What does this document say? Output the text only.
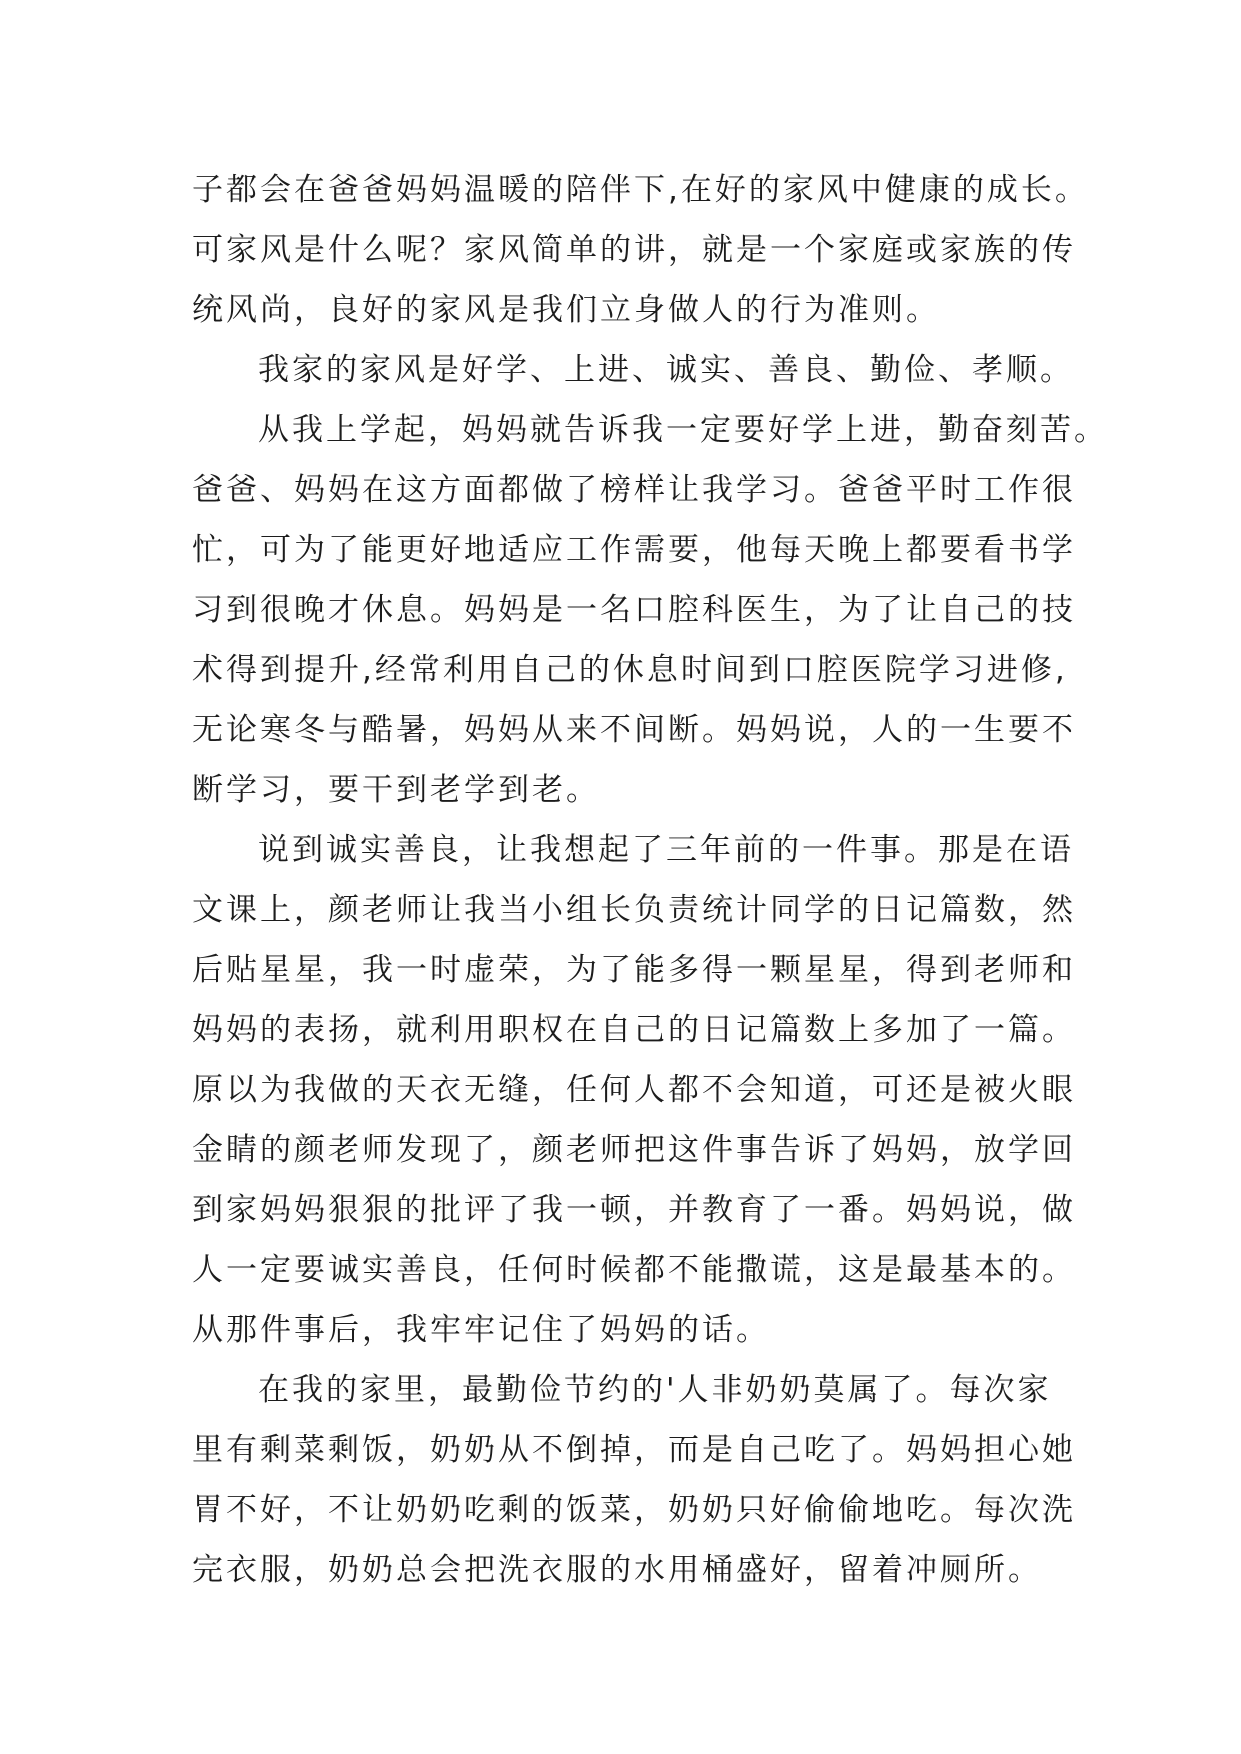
子都会在爸爸妈妈温暖的陪伴下,在好的家风中健康的成长。
可家风是什么呢？家风简单的讲，就是一个家庭或家族的传
统风尚，良好的家风是我们立身做人的行为准则。
我家的家风是好学、上进、诚实、善良、勤俭、孝顺。
从我上学起，妈妈就告诉我一定要好学上进，勤奋刻苦。
爸爸、妈妈在这方面都做了榜样让我学习。爸爸平时工作很
忙，可为了能更好地适应工作需要，他每天晚上都要看书学
习到很晚才休息。妈妈是一名口腔科医生，为了让自己的技
术得到提升,经常利用自己的休息时间到口腔医院学习进修,
无论寒冬与酷暑，妈妈从来不间断。妈妈说，人的一生要不
断学习，要干到老学到老。
说到诚实善良，让我想起了三年前的一件事。那是在语
文课上，颜老师让我当小组长负责统计同学的日记篇数，然
后贴星星，我一时虚荣，为了能多得一颗星星，得到老师和
妈妈的表扬，就利用职权在自己的日记篇数上多加了一篇。
原以为我做的天衣无缝，任何人都不会知道，可还是被火眼
金睛的颜老师发现了，颜老师把这件事告诉了妈妈，放学回
到家妈妈狠狠的批评了我一顿，并教育了一番。妈妈说，做
人一定要诚实善良，任何时候都不能撒谎，这是最基本的。
从那件事后，我牢牢记住了妈妈的话。
在我的家里，最勤俭节约的'人非奶奶莫属了。每次家
里有剩菜剩饭，奶奶从不倒掉，而是自己吃了。妈妈担心她
胃不好，不让奶奶吃剩的饭菜，奶奶只好偷偷地吃。每次洗
完衣服，奶奶总会把洗衣服的水用桶盛好，留着冲厕所。
